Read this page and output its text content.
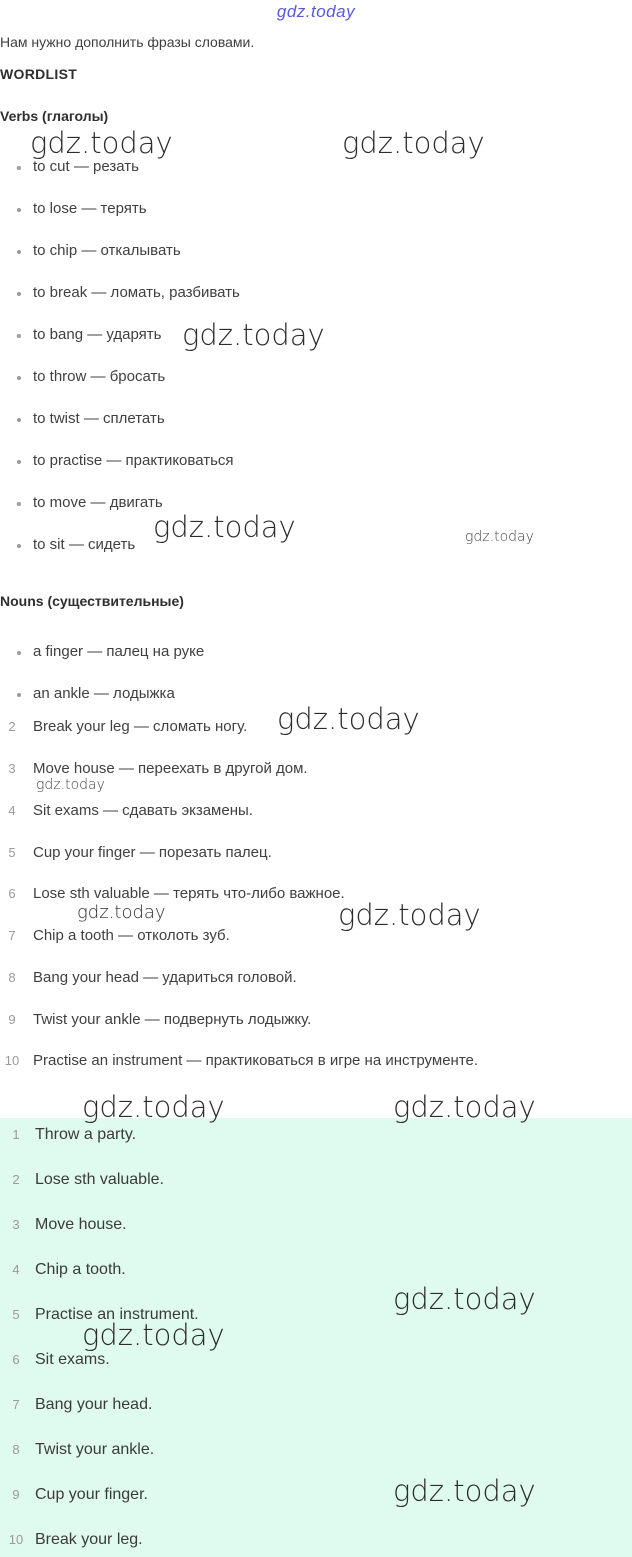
gdz.today
Нам нужно дополнить фразы словами.
WORDLIST
Verbs (глаголы)
to cut — резать
to lose — терять
to chip — откалывать
to break — ломать, разбивать
to bang — ударять
to throw — бросать
to twist — сплетать
to practise — практиковаться
to move — двигать
to sit — сидеть
Nouns (существительные)
a finger — палец на руке
an ankle — лодыжка
2 Break your leg — сломать ногу.
3 Move house — переехать в другой дом.
4 Sit exams — сдавать экзамены.
5 Cup your finger — порезать палец.
6 Lose sth valuable — терять что-либо важное.
7 Chip a tooth — отколоть зуб.
8 Bang your head — удариться головой.
9 Twist your ankle — подвернуть лодыжку.
10 Practise an instrument — практиковаться в игре на инструменте.
1 Throw a party.
2 Lose sth valuable.
3 Move house.
4 Chip a tooth.
5 Practise an instrument.
6 Sit exams.
7 Bang your head.
8 Twist your ankle.
9 Cup your finger.
10 Break your leg.
gdz.today	gdz.today
gdz.today
gdz.today	gdz.today
gdz.today
gdz.today
gdz.today	gdz.today
gdz.today	gdz.today
gdz.today
gdz.today
gdz.today
